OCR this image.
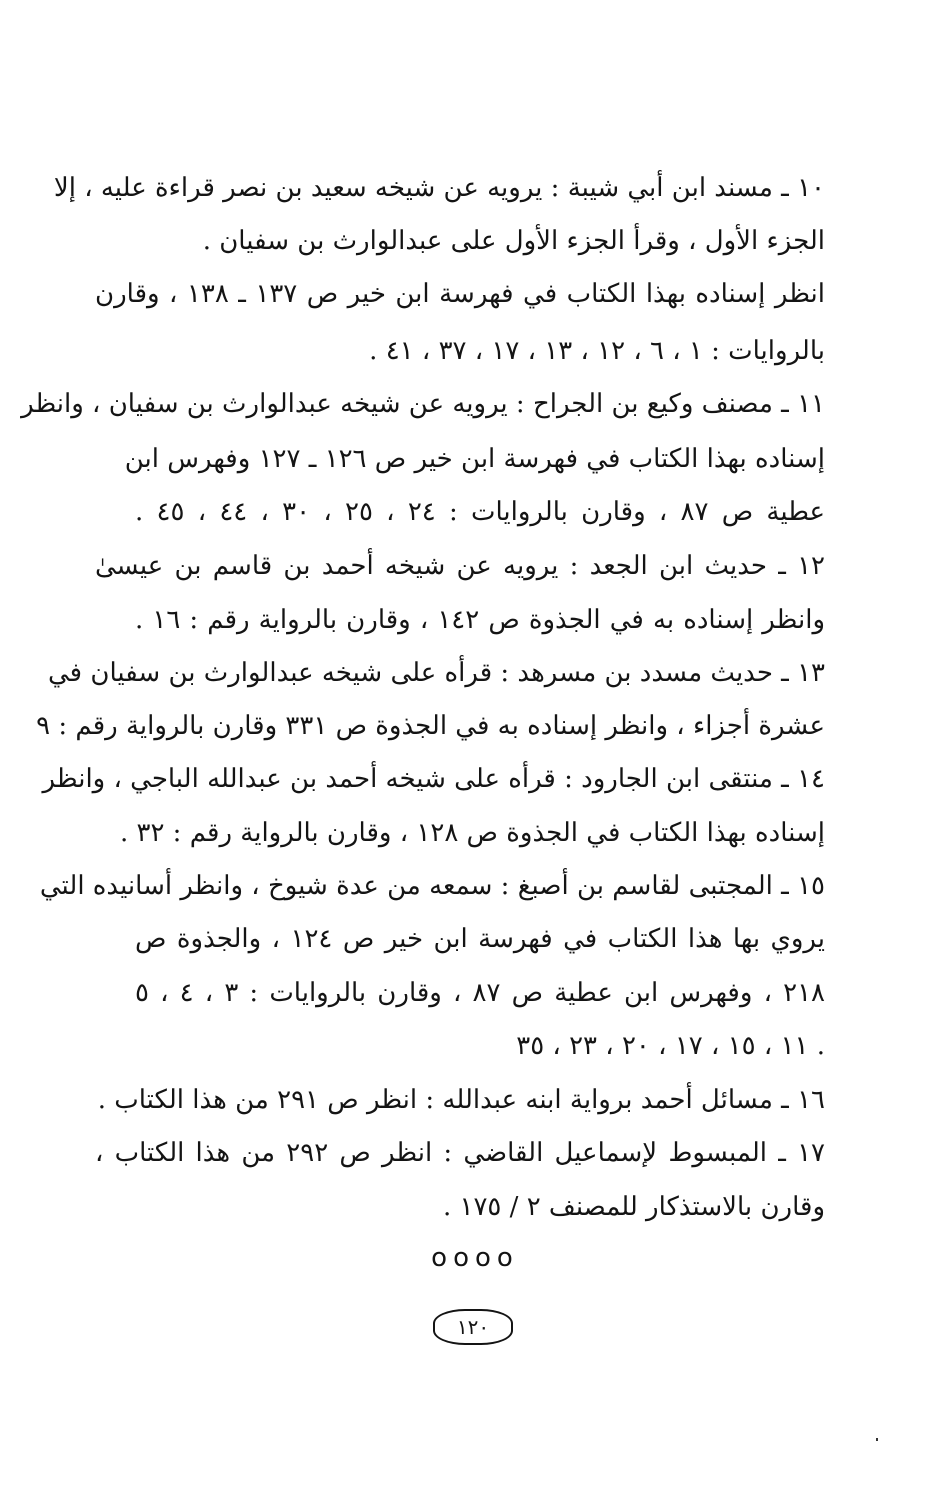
١٠ ـ مسند ابن أبي شيبة : يرويه عن شيخه سعيد بن نصر قراءة عليه ، إلا
الجزء الأول ، وقرأ الجزء الأول على عبدالوارث بن سفيان .
انظر إسناده بهذا الكتاب في فهرسة ابن خير ص ١٣٧ ـ ١٣٨ ، وقارن
بالروايات : ١ ، ٦ ، ١٢ ، ١٣ ، ١٧ ، ٣٧ ، ٤١ .
١١ ـ مصنف وكيع بن الجراح : يرويه عن شيخه عبدالوارث بن سفيان ، وانظر
إسناده بهذا الكتاب في فهرسة ابن خير ص ١٢٦ ـ ١٢٧ وفهرس ابن
عطية ص ٨٧ ، وقارن بالروايات : ٢٤ ، ٢٥ ، ٣٠ ، ٤٤ ، ٤٥ .
١٢ ـ حديث ابن الجعد : يرويه عن شيخه أحمد بن قاسم بن عيسىٰ
وانظر إسناده به في الجذوة ص ١٤٢ ، وقارن بالرواية رقم : ١٦ .
١٣ ـ حديث مسدد بن مسرهد : قرأه على شيخه عبدالوارث بن سفيان في
عشرة أجزاء ، وانظر إسناده به في الجذوة ص ٣٣١ وقارن بالرواية رقم : ٩
١٤ ـ منتقى ابن الجارود : قرأه على شيخه أحمد بن عبدالله الباجي ، وانظر
إسناده بهذا الكتاب في الجذوة ص ١٢٨ ، وقارن بالرواية رقم : ٣٢ .
١٥ ـ المجتبى لقاسم بن أصبغ : سمعه من عدة شيوخ ، وانظر أسانيده التي
يروي بها هذا الكتاب في فهرسة ابن خير ص ١٢٤ ، والجذوة ص
٢١٨ ، وفهرس ابن عطية ص ٨٧ ، وقارن بالروايات : ٣ ، ٤ ، ٥
١١ ، ١٥ ، ١٧ ، ٢٠ ، ٢٣ ، ٣٥ .
١٦ ـ مسائل أحمد برواية ابنه عبدالله : انظر ص ٢٩١ من هذا الكتاب .
١٧ ـ المبسوط لإسماعيل القاضي : انظر ص ٢٩٢ من هذا الكتاب ،
وقارن بالاستذكار للمصنف ٢ / ١٧٥ .
oooo
١٢٠
